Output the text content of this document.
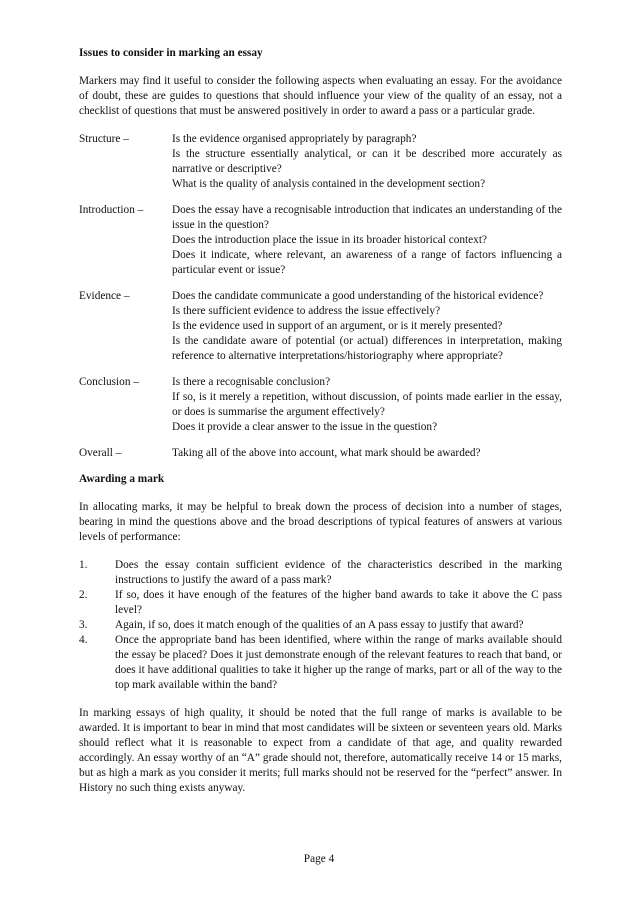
Issues to consider in marking an essay

Markers may find it useful to consider the following aspects when evaluating an essay. For the avoidance of doubt, these are guides to questions that should influence your view of the quality of an essay, not a checklist of questions that must be answered positively in order to award a pass or a particular grade.

Structure –	Is the evidence organised appropriately by paragraph?
Is the structure essentially analytical, or can it be described more accurately as narrative or descriptive?
What is the quality of analysis contained in the development section?
Introduction –	Does the essay have a recognisable introduction that indicates an understanding of the issue in the question?
Does the introduction place the issue in its broader historical context?
Does it indicate, where relevant, an awareness of a range of factors influencing a particular event or issue?
Evidence –	Does the candidate communicate a good understanding of the historical evidence?
Is there sufficient evidence to address the issue effectively?
Is the evidence used in support of an argument, or is it merely presented?
Is the candidate aware of potential (or actual) differences in interpretation, making reference to alternative interpretations/historiography where appropriate?
Conclusion –	Is there a recognisable conclusion?
If so, is it merely a repetition, without discussion, of points made earlier in the essay, or does is summarise the argument effectively?
Does it provide a clear answer to the issue in the question?
Overall –	Taking all of the above into account, what mark should be awarded?
Awarding a mark

In allocating marks, it may be helpful to break down the process of decision into a number of stages, bearing in mind the questions above and the broad descriptions of typical features of answers at various levels of performance:

1.	Does the essay contain sufficient evidence of the characteristics described in the marking instructions to justify the award of a pass mark?
2.	If so, does it have enough of the features of the higher band awards to take it above the C pass level?
3.	Again, if so, does it match enough of the qualities of an A pass essay to justify that award?
4.	Once the appropriate band has been identified, where within the range of marks available should the essay be placed? Does it just demonstrate enough of the relevant features to reach that band, or does it have additional qualities to take it higher up the range of marks, part or all of the way to the top mark available within the band?

In marking essays of high quality, it should be noted that the full range of marks is available to be awarded. It is important to bear in mind that most candidates will be sixteen or seventeen years old. Marks should reflect what it is reasonable to expect from a candidate of that age, and quality rewarded accordingly. An essay worthy of an “A” grade should not, therefore, automatically receive 14 or 15 marks, but as high a mark as you consider it merits; full marks should not be reserved for the “perfect” answer. In History no such thing exists anyway.

Page 4
